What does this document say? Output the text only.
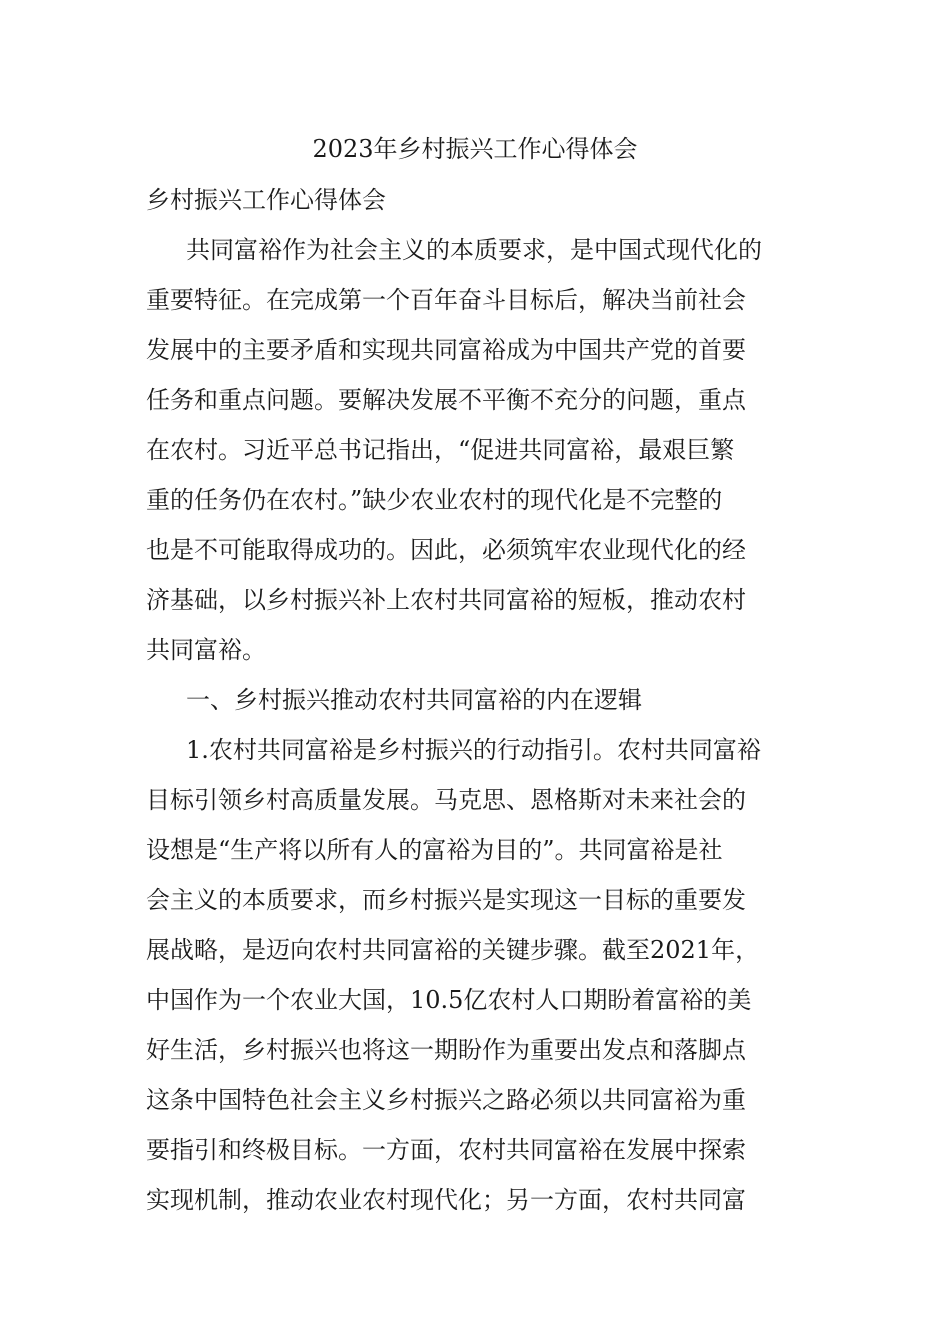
2023年乡村振兴工作心得体会
乡村振兴工作心得体会
共同富裕作为社会主义的本质要求，是中国式现代化的
重要特征。在完成第一个百年奋斗目标后，解决当前社会
发展中的主要矛盾和实现共同富裕成为中国共产党的首要
任务和重点问题。要解决发展不平衡不充分的问题，重点
在农村。习近平总书记指出，“促进共同富裕，最艰巨繁
重的任务仍在农村。”缺少农业农村的现代化是不完整的
也是不可能取得成功的。因此，必须筑牢农业现代化的经
济基础，以乡村振兴补上农村共同富裕的短板，推动农村
共同富裕。
一、乡村振兴推动农村共同富裕的内在逻辑
1.农村共同富裕是乡村振兴的行动指引。农村共同富裕
目标引领乡村高质量发展。马克思、恩格斯对未来社会的
设想是“生产将以所有人的富裕为目的”。共同富裕是社
会主义的本质要求，而乡村振兴是实现这一目标的重要发
展战略，是迈向农村共同富裕的关键步骤。截至2021年，
中国作为一个农业大国，10.5亿农村人口期盼着富裕的美
好生活，乡村振兴也将这一期盼作为重要出发点和落脚点
这条中国特色社会主义乡村振兴之路必须以共同富裕为重
要指引和终极目标。一方面，农村共同富裕在发展中探索
实现机制，推动农业农村现代化；另一方面，农村共同富
